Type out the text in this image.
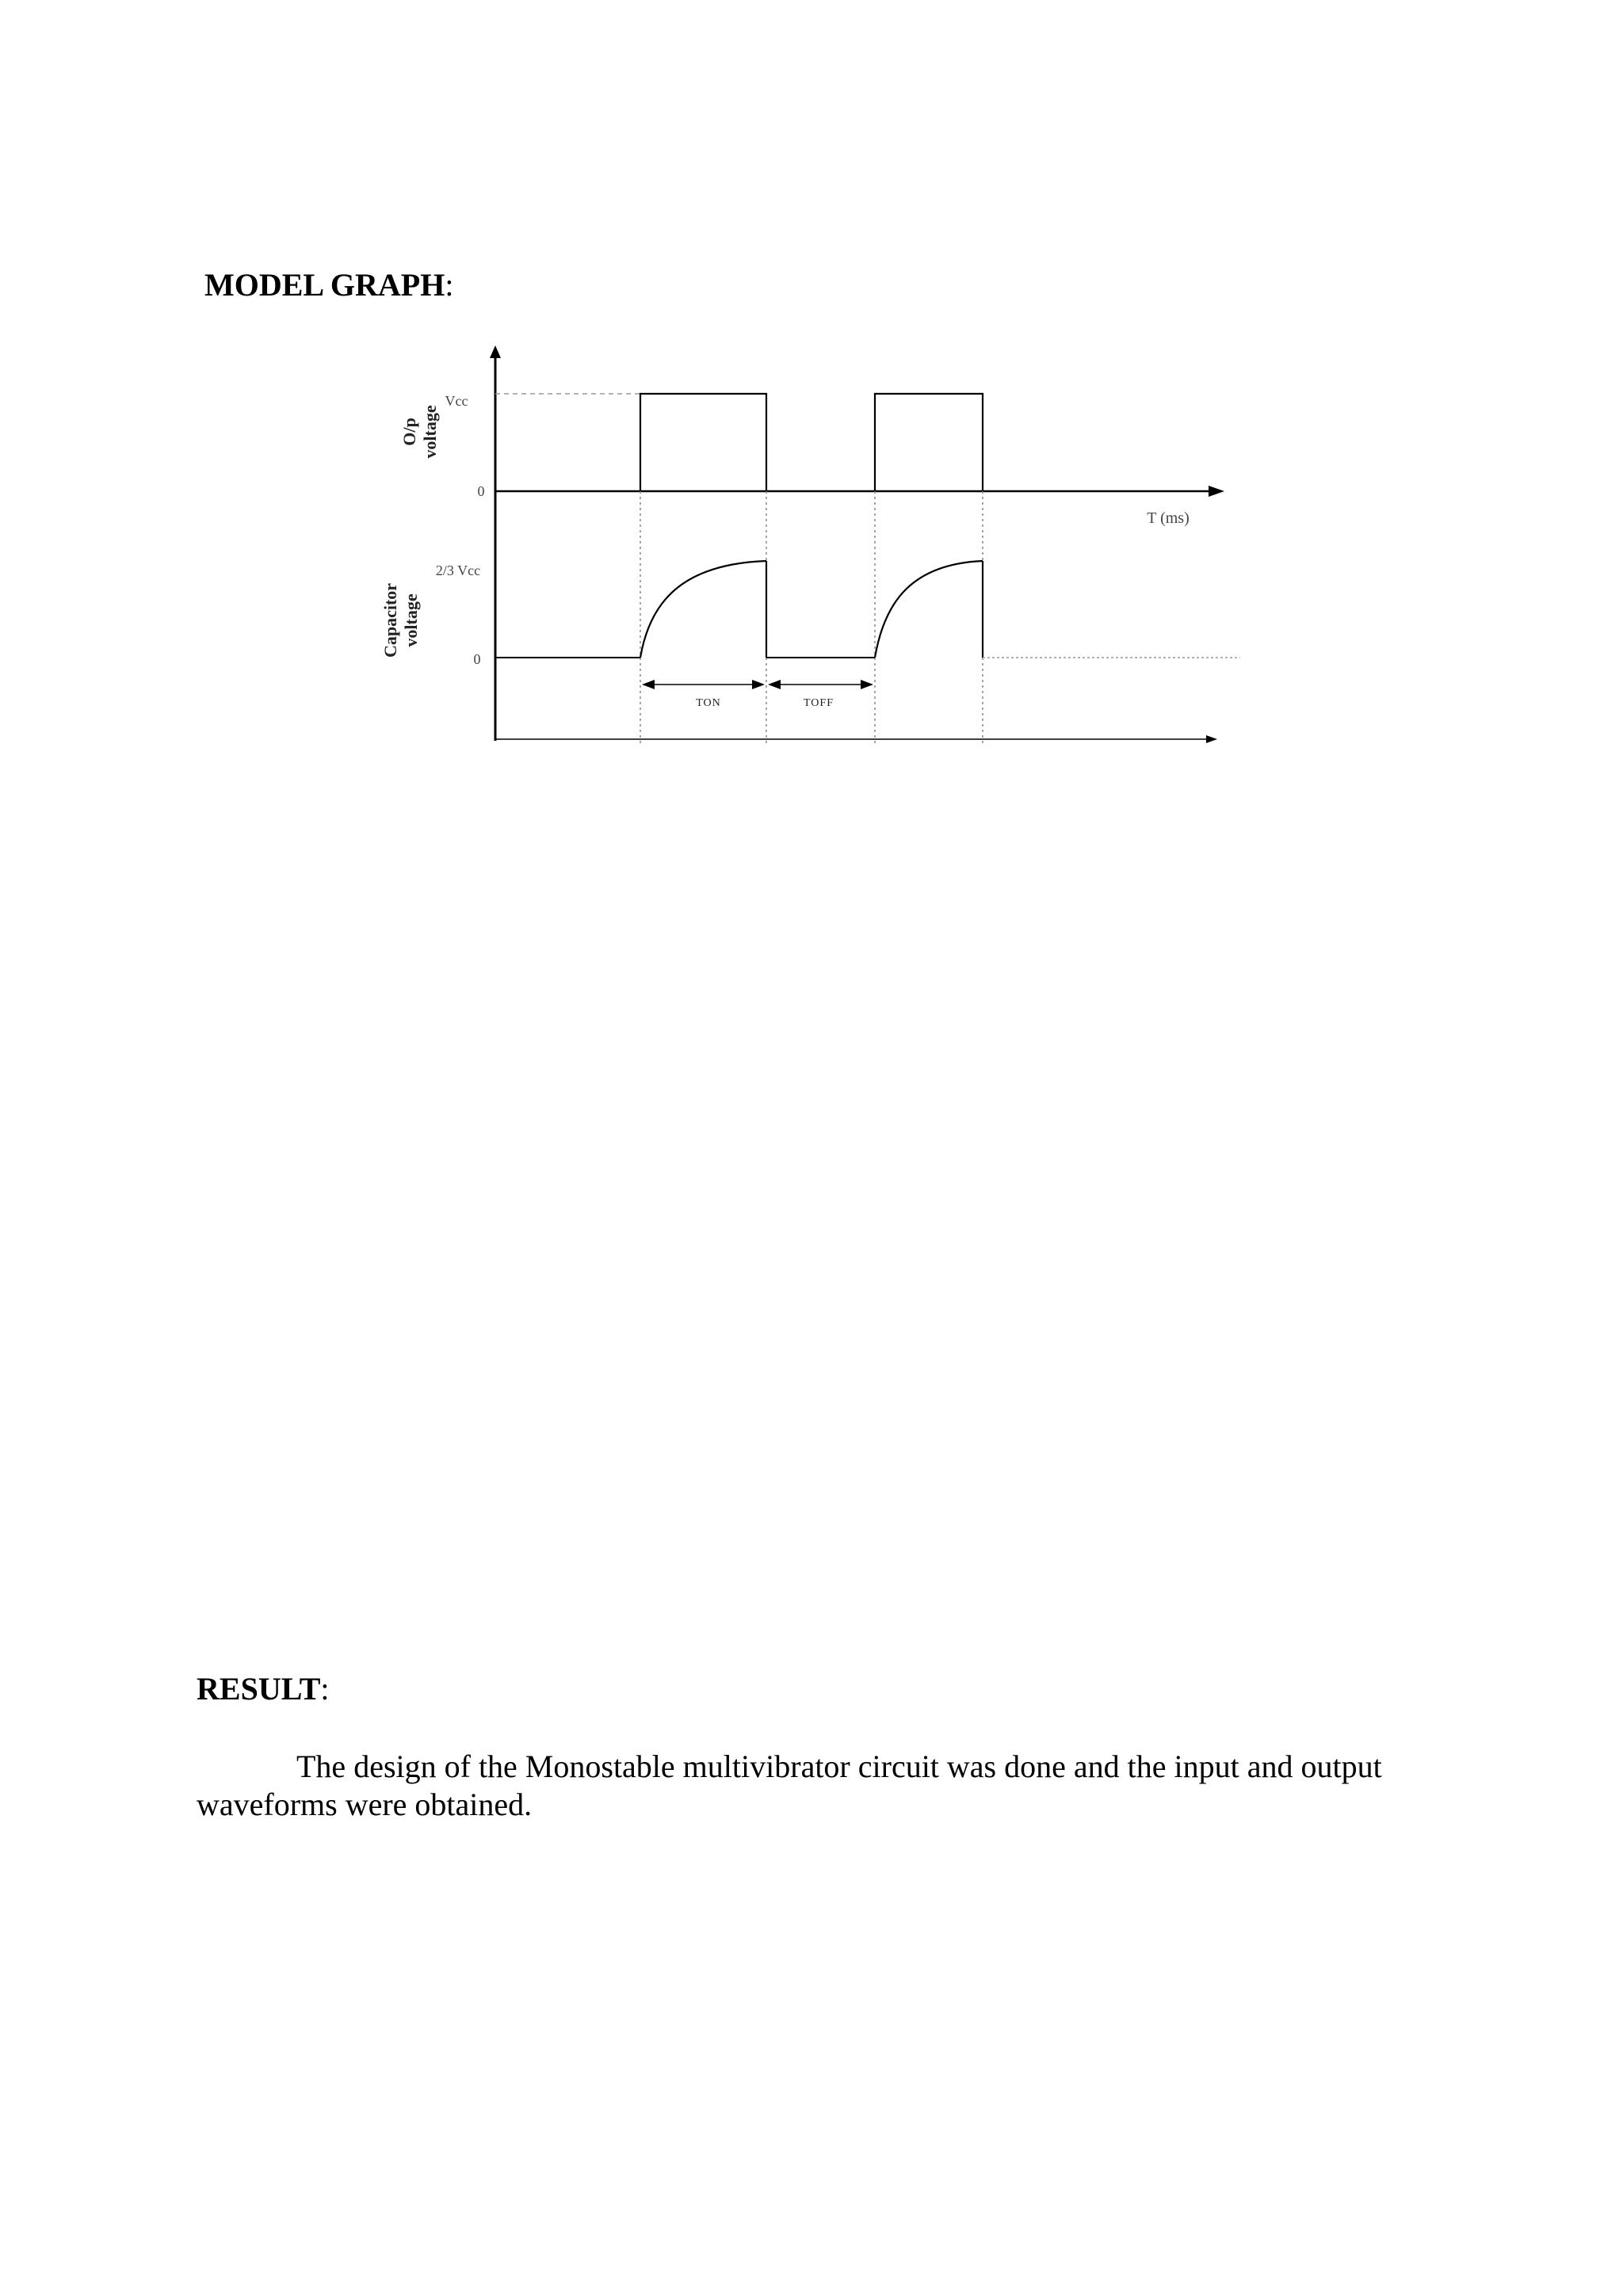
MODEL GRAPH:
Vcc
0
2/3 Vcc
0
T (ms)
TON	TOFF
O/p voltage
Capacitor voltage
RESULT:
The design of the Monostable multivibrator circuit was done and the input and output
waveforms were obtained.
